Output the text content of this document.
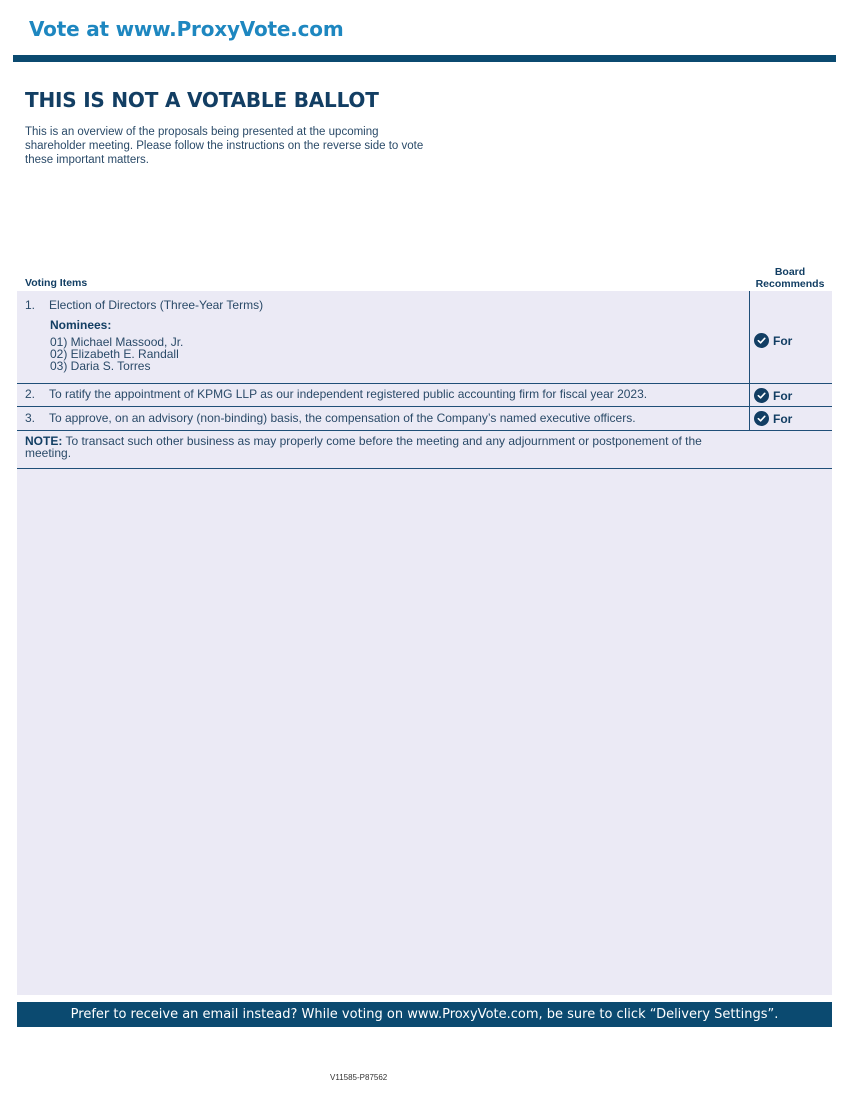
Vote at www.ProxyVote.com
THIS IS NOT A VOTABLE BALLOT
This is an overview of the proposals being presented at the upcoming shareholder meeting. Please follow the instructions on the reverse side to vote these important matters.
Voting Items
Board
Recommends
1. Election of Directors (Three-Year Terms)
Nominees:
01) Michael Massood, Jr.
02) Elizabeth E. Randall
03) Daria S. Torres
For
2. To ratify the appointment of KPMG LLP as our independent registered public accounting firm for fiscal year 2023.	For
3. To approve, on an advisory (non-binding) basis, the compensation of the Company’s named executive officers.	For
NOTE: To transact such other business as may properly come before the meeting and any adjournment or postponement of the meeting.
Prefer to receive an email instead? While voting on www.ProxyVote.com, be sure to click “Delivery Settings”.
V11585-P87562
